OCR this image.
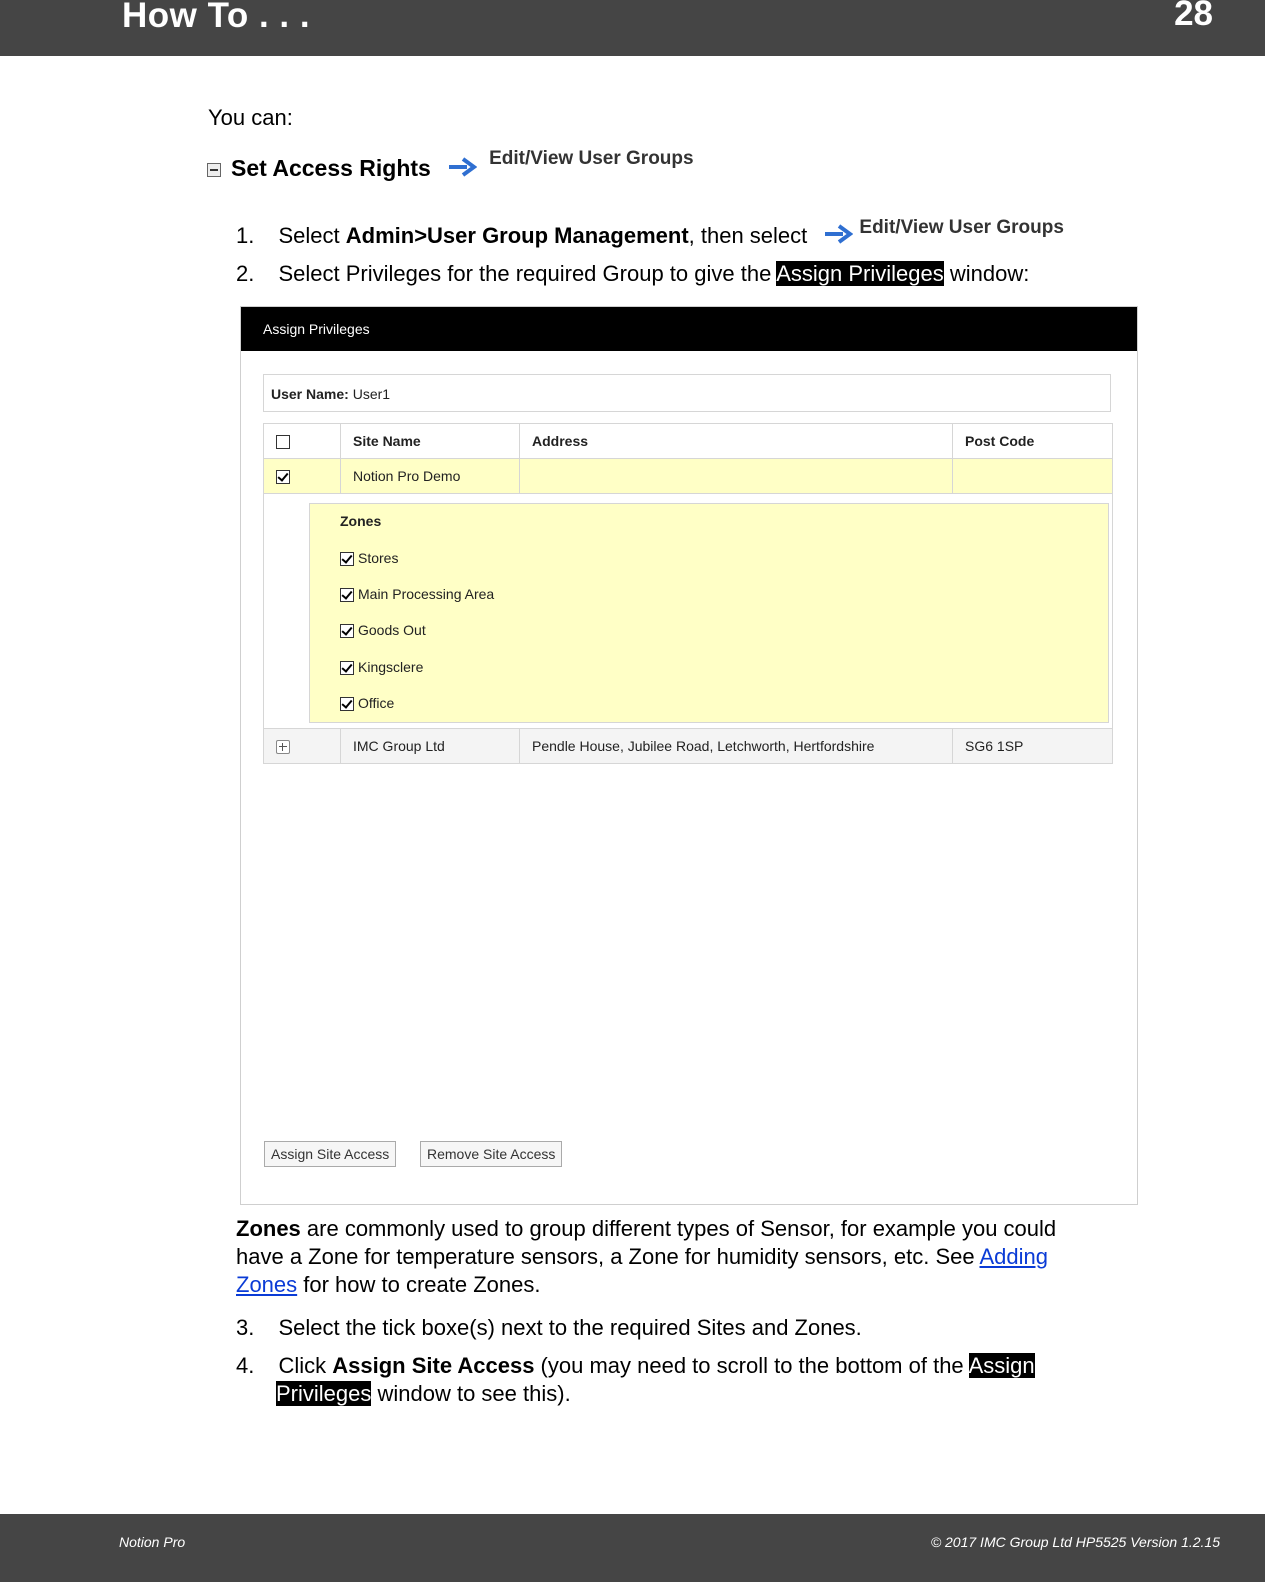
How To . . .	28
You can:
Set Access Rights	Edit/View User Groups
1. Select Admin>User Group Management, then select	Edit/View User Groups
2. Select Privileges for the required Group to give the Assign Privileges window:
Assign Privileges
User Name: User1
	Site Name	Address	Post Code
	Notion Pro Demo		

	IMC Group Ltd	Pendle House, Jubilee Road, Letchworth, Hertfordshire	SG6 1SP
Zones
Stores
Main Processing Area
Goods Out
Kingsclere
Office
Assign Site Access	Remove Site Access
Zones are commonly used to group different types of Sensor, for example you could
have a Zone for temperature sensors, a Zone for humidity sensors, etc. See Adding
Zones for how to create Zones.
3. Select the tick boxe(s) next to the required Sites and Zones.
4. Click Assign Site Access (you may need to scroll to the bottom of the Assign
Privileges window to see this).
Notion Pro	© 2017 IMC Group Ltd HP5525 Version 1.2.15
